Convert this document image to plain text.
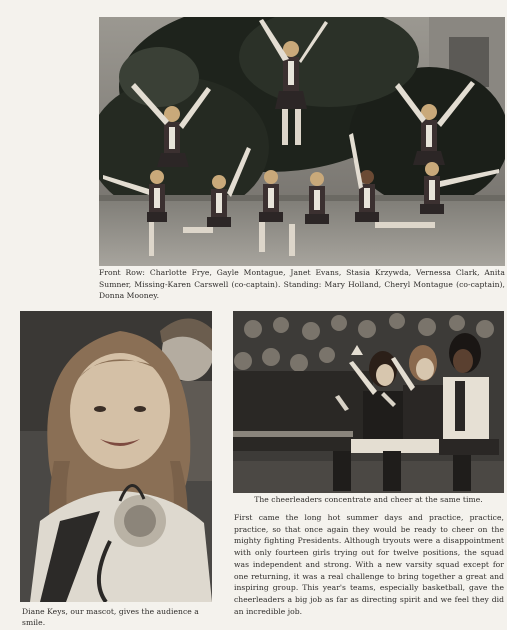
Front Row: Charlotte Frye, Gayle Montague, Janet Evans, Stasia Krzywda, Vernessa Clark, Anita Sumner, Missing-Karen Carswell (co-captain). Standing: Mary Holland, Cheryl Montague (co-captain), Donna Mooney.

Diane Keys, our mascot, gives the audience a smile.

The cheerleaders concentrate and cheer at the same time.

First came the long hot summer days and practice, practice, practice, so that once again they would be ready to cheer on the mighty fighting Presidents. Although tryouts were a disappointment with only fourteen girls trying out for twelve positions, the squad was independent and strong. With a new varsity squad except for one returning, it was a real challenge to bring together a great and inspiring group. This year's teams, especially basketball, gave the cheerleaders a big job as far as directing spirit and we feel they did an incredible job.
